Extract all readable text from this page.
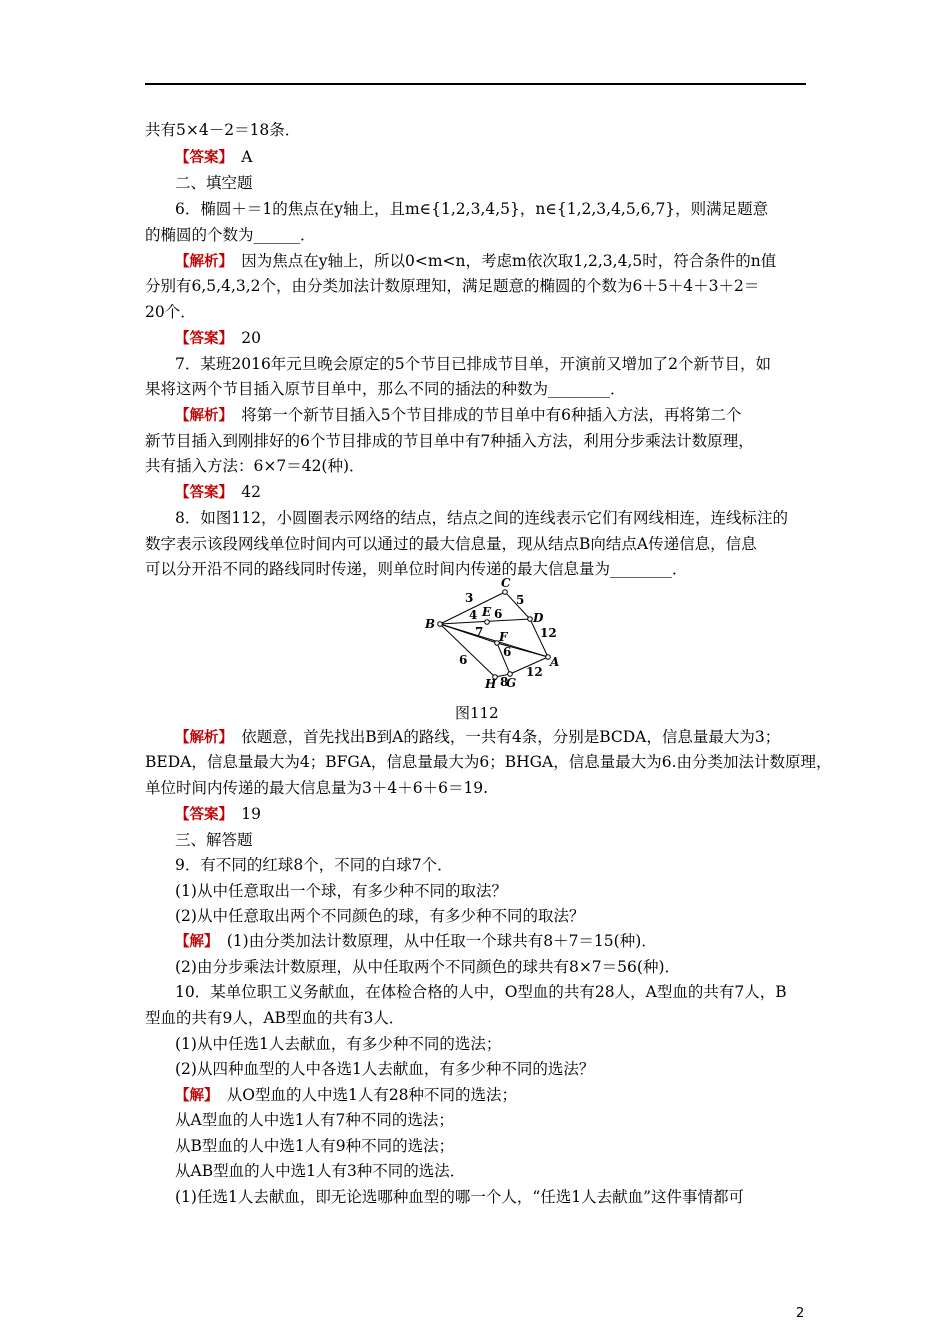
共有5×4－2＝18条．
【答案】　A
二、填空题
6．椭圆＋＝1的焦点在y轴上，且m∈{1,2,3,4,5}，n∈{1,2,3,4,5,6,7}，则满足题意
的椭圆的个数为______．
【解析】　因为焦点在y轴上，所以0<m<n，考虑m依次取1,2,3,4,5时，符合条件的n值
分别有6,5,4,3,2个，由分类加法计数原理知，满足题意的椭圆的个数为6＋5＋4＋3＋2＝
20个．
【答案】　20
7．某班2016年元旦晚会原定的5个节目已排成节目单，开演前又增加了2个新节目，如
果将这两个节目插入原节目单中，那么不同的插法的种数为________．
【解析】　将第一个新节目插入5个节目排成的节目单中有6种插入方法，再将第二个
新节目插入到刚排好的6个节目排成的节目单中有7种插入方法，利用分步乘法计数原理，
共有插入方法：6×7＝42(种)．
【答案】　42
8．如图112，小圆圈表示网络的结点，结点之间的连线表示它们有网线相连，连线标注的
数字表示该段网线单位时间内可以通过的最大信息量，现从结点B向结点A传递信息，信息
可以分开沿不同的路线同时传递，则单位时间内传递的最大信息量为________．
【解析】　依题意，首先找出B到A的路线，一共有4条，分别是BCDA，信息量最大为3；
BEDA，信息量最大为4；BFGA，信息量最大为6；BHGA，信息量最大为6.由分类加法计数原理，
单位时间内传递的最大信息量为3＋4＋6＋6＝19.
【答案】　19
三、解答题
9．有不同的红球8个，不同的白球7个．
(1)从中任意取出一个球，有多少种不同的取法？
(2)从中任意取出两个不同颜色的球，有多少种不同的取法？
【解】　(1)由分类加法计数原理，从中任取一个球共有8＋7＝15(种)．
(2)由分步乘法计数原理，从中任取两个不同颜色的球共有8×7＝56(种)．
10．某单位职工义务献血，在体检合格的人中，O型血的共有28人，A型血的共有7人，B
型血的共有9人，AB型血的共有3人．
(1)从中任选1人去献血，有多少种不同的选法；
(2)从四种血型的人中各选1人去献血，有多少种不同的选法？
【解】　从O型血的人中选1人有28种不同的选法；
从A型血的人中选1人有7种不同的选法；
从B型血的人中选1人有9种不同的选法；
从AB型血的人中选1人有3种不同的选法．
(1)任选1人去献血，即无论选哪种血型的哪一个人，“任选1人去献血”这件事情都可
B
C
E	D
F
A
G
H
3	5
4 6
7	12
6
6
12
8
图112
2
